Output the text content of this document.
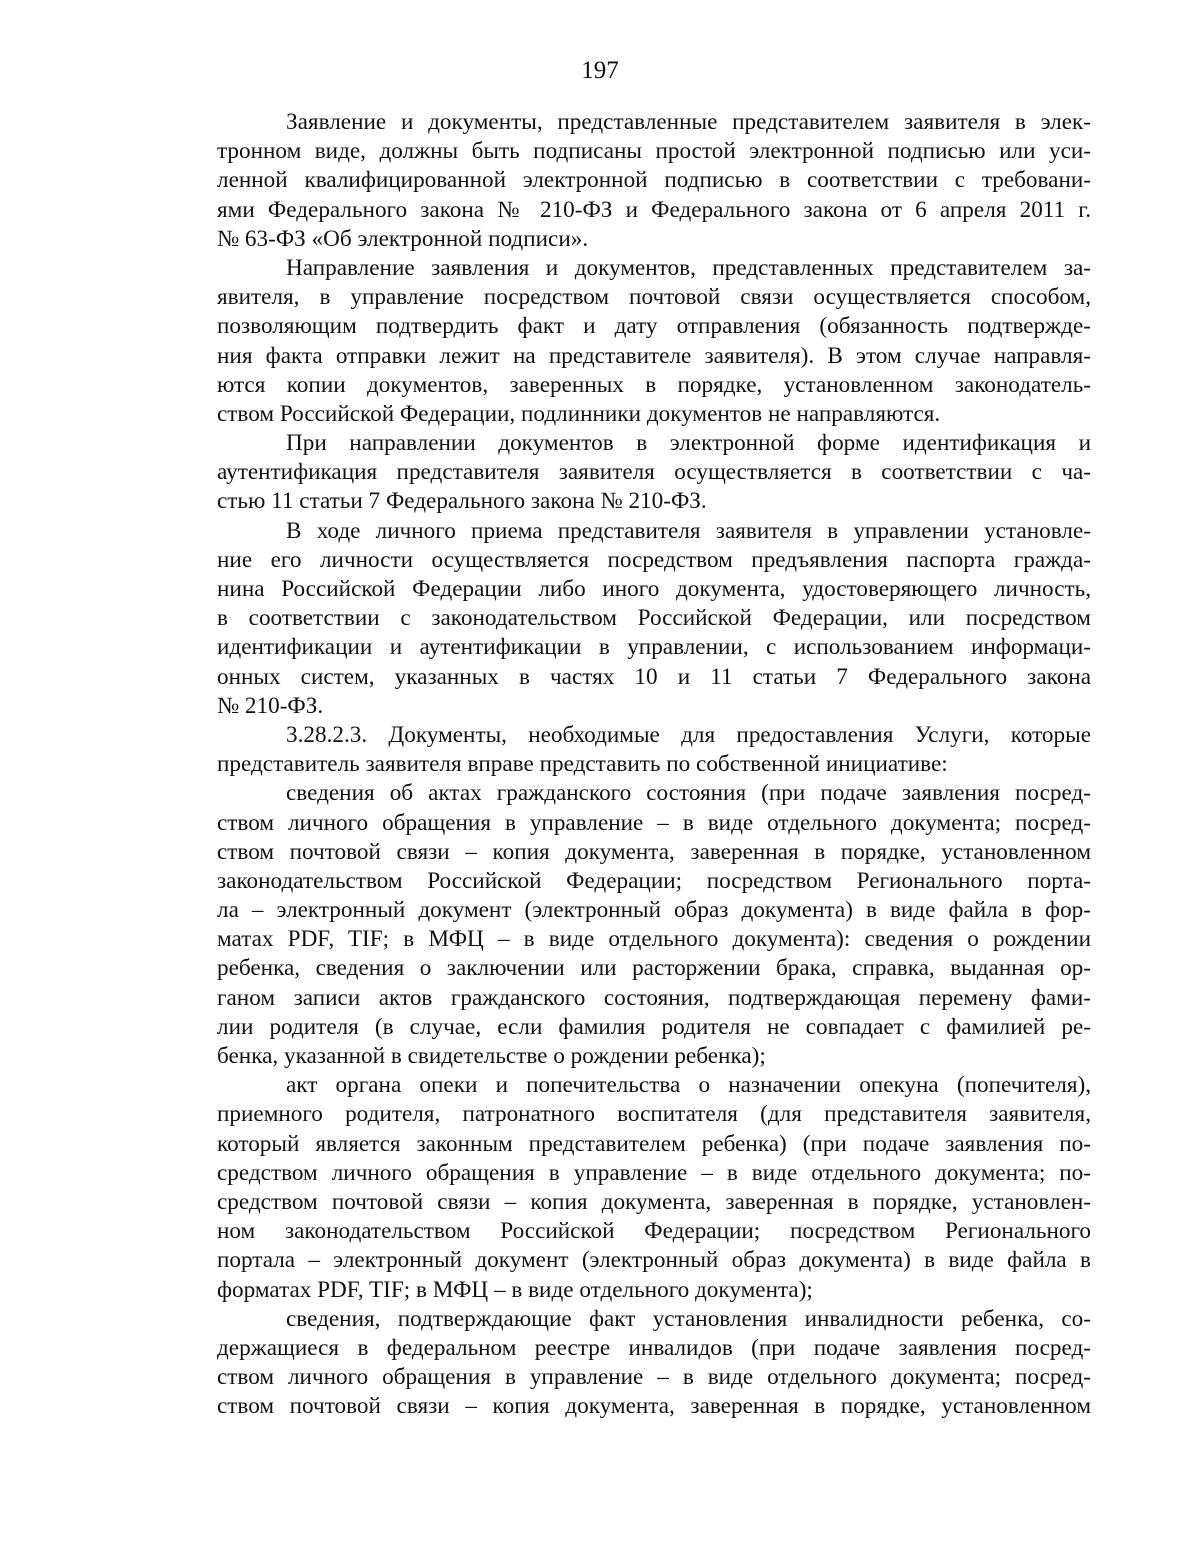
197
Заявление и документы, представленные представителем заявителя в элек-
тронном виде, должны быть подписаны простой электронной подписью или уси-
ленной квалифицированной электронной подписью в соответствии с требовани-
ями Федерального закона № 210-ФЗ и Федерального закона от 6 апреля 2011 г.
№ 63-ФЗ «Об электронной подписи».
Направление заявления и документов, представленных представителем за-
явителя, в управление посредством почтовой связи осуществляется способом,
позволяющим подтвердить факт и дату отправления (обязанность подтвержде-
ния факта отправки лежит на представителе заявителя). В этом случае направля-
ются копии документов, заверенных в порядке, установленном законодатель-
ством Российской Федерации, подлинники документов не направляются.
При направлении документов в электронной форме идентификация и
аутентификация представителя заявителя осуществляется в соответствии с ча-
стью 11 статьи 7 Федерального закона № 210-ФЗ.
В ходе личного приема представителя заявителя в управлении установле-
ние его личности осуществляется посредством предъявления паспорта гражда-
нина Российской Федерации либо иного документа, удостоверяющего личность,
в соответствии с законодательством Российской Федерации, или посредством
идентификации и аутентификации в управлении, с использованием информаци-
онных систем, указанных в частях 10 и 11 статьи 7 Федерального закона
№ 210-ФЗ.
3.28.2.3. Документы, необходимые для предоставления Услуги, которые
представитель заявителя вправе представить по собственной инициативе:
сведения об актах гражданского состояния (при подаче заявления посред-
ством личного обращения в управление – в виде отдельного документа; посред-
ством почтовой связи – копия документа, заверенная в порядке, установленном
законодательством Российской Федерации; посредством Регионального порта-
ла – электронный документ (электронный образ документа) в виде файла в фор-
матах PDF, TIF; в МФЦ – в виде отдельного документа): сведения о рождении
ребенка, сведения о заключении или расторжении брака, справка, выданная ор-
ганом записи актов гражданского состояния, подтверждающая перемену фами-
лии родителя (в случае, если фамилия родителя не совпадает с фамилией ре-
бенка, указанной в свидетельстве о рождении ребенка);
акт органа опеки и попечительства о назначении опекуна (попечителя),
приемного родителя, патронатного воспитателя (для представителя заявителя,
который является законным представителем ребенка) (при подаче заявления по-
средством личного обращения в управление – в виде отдельного документа; по-
средством почтовой связи – копия документа, заверенная в порядке, установлен-
ном законодательством Российской Федерации; посредством Регионального
портала – электронный документ (электронный образ документа) в виде файла в
форматах PDF, TIF; в МФЦ – в виде отдельного документа);
сведения, подтверждающие факт установления инвалидности ребенка, со-
держащиеся в федеральном реестре инвалидов (при подаче заявления посред-
ством личного обращения в управление – в виде отдельного документа; посред-
ством почтовой связи – копия документа, заверенная в порядке, установленном
